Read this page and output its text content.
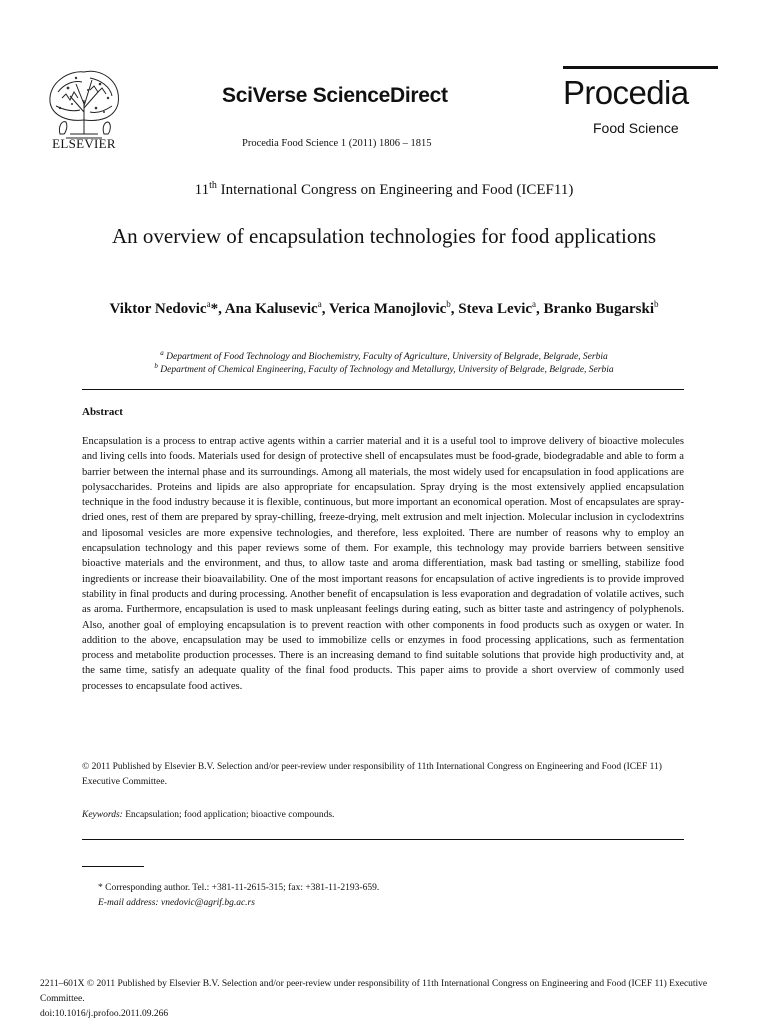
ELSEVIER
SciVerse ScienceDirect
Procedia Food Science 1 (2011) 1806 – 1815
Procedia
Food Science
11th International Congress on Engineering and Food (ICEF11)
An overview of encapsulation technologies for food applications
Viktor Nedovic$^a$*, Ana Kalusevic$^a$, Verica Manojlovic$^b$, Steva Levic$^a$, Branko Bugarski$^b$
$^a$ Department of Food Technology and Biochemistry, Faculty of Agriculture, University of Belgrade, Belgrade, Serbia
$^b$ Department of Chemical Engineering, Faculty of Technology and Metallurgy, University of Belgrade, Belgrade, Serbia
Abstract
Encapsulation is a process to entrap active agents within a carrier material and it is a useful tool to improve delivery of bioactive molecules and living cells into foods. Materials used for design of protective shell of encapsulates must be food-grade, biodegradable and able to form a barrier between the internal phase and its surroundings. Among all materials, the most widely used for encapsulation in food applications are polysaccharides. Proteins and lipids are also appropriate for encapsulation. Spray drying is the most extensively applied encapsulation technique in the food industry because it is flexible, continuous, but more important an economical operation. Most of encapsulates are spray-dried ones, rest of them are prepared by spray-chilling, freeze-drying, melt extrusion and melt injection. Molecular inclusion in cyclodextrins and liposomal vesicles are more expensive technologies, and therefore, less exploited. There are number of reasons why to employ an encapsulation technology and this paper reviews some of them. For example, this technology may provide barriers between sensitive bioactive materials and the environment, and thus, to allow taste and aroma differentiation, mask bad tasting or smelling, stabilize food ingredients or increase their bioavailability. One of the most important reasons for encapsulation of active ingredients is to provide improved stability in final products and during processing. Another benefit of encapsulation is less evaporation and degradation of volatile actives, such as aroma. Furthermore, encapsulation is used to mask unpleasant feelings during eating, such as bitter taste and astringency of polyphenols. Also, another goal of employing encapsulation is to prevent reaction with other components in food products such as oxygen or water. In addition to the above, encapsulation may be used to immobilize cells or enzymes in food processing applications, such as fermentation process and metabolite production processes. There is an increasing demand to find suitable solutions that provide high productivity and, at the same time, satisfy an adequate quality of the final food products. This paper aims to provide a short overview of commonly used processes to encapsulate food actives.
© 2011 Published by Elsevier B.V. Selection and/or peer-review under responsibility of 11th International Congress on Engineering and Food (ICEF 11) Executive Committee.
Keywords: Encapsulation; food application; bioactive compounds.
* Corresponding author. Tel.: +381-11-2615-315; fax: +381-11-2193-659.
E-mail address: vnedovic@agrif.bg.ac.rs
2211–601X © 2011 Published by Elsevier B.V. Selection and/or peer-review under responsibility of 11th International Congress on Engineering and Food (ICEF 11) Executive Committee.
doi:10.1016/j.profoo.2011.09.266
